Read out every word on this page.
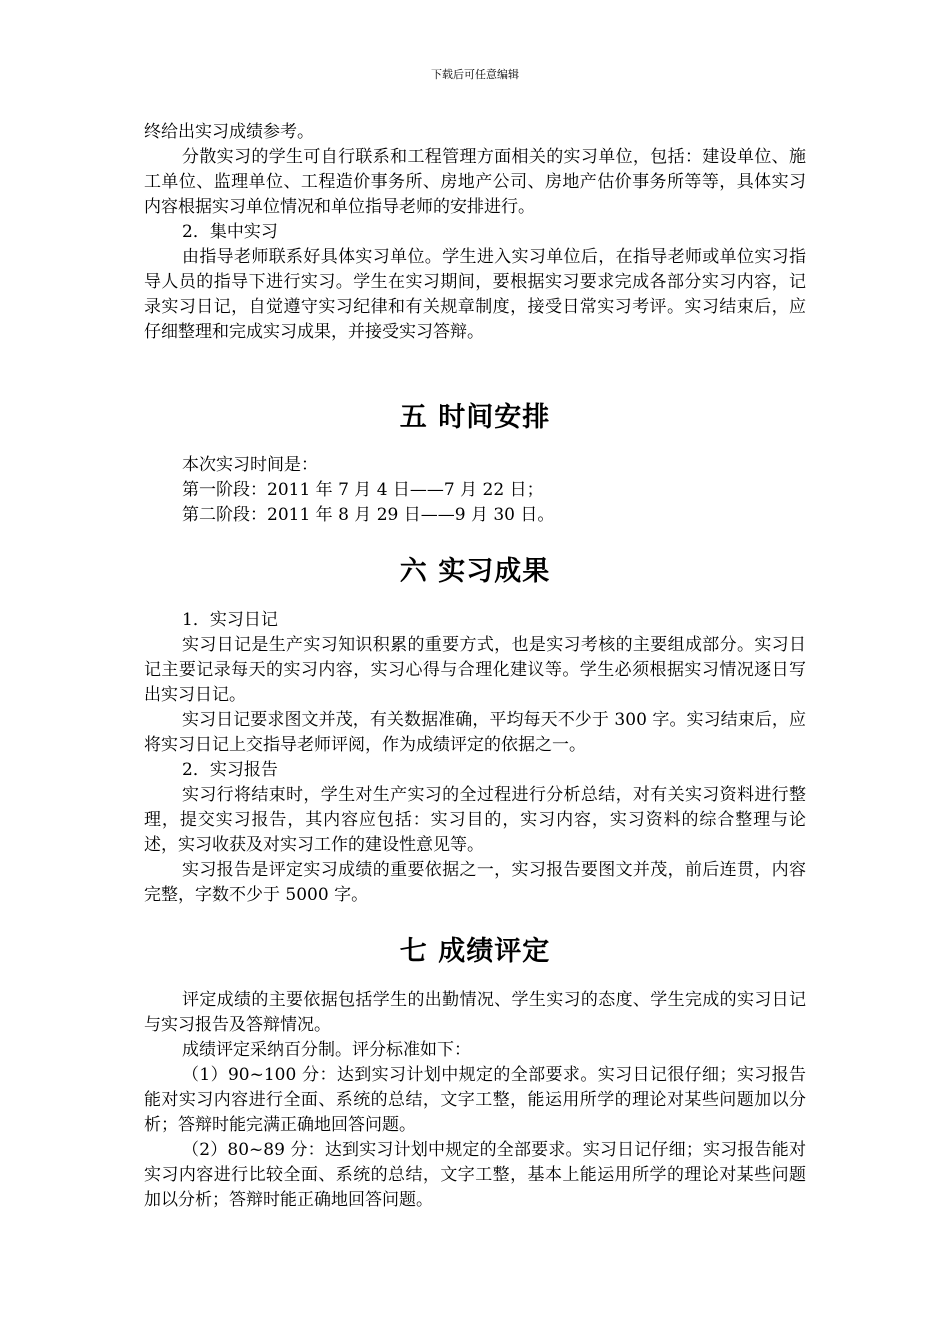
下载后可任意编辑

终给出实习成绩参考。

分散实习的学生可自行联系和工程管理方面相关的实习单位，包括：建设单位、施工单位、监理单位、工程造价事务所、房地产公司、房地产估价事务所等等，具体实习内容根据实习单位情况和单位指导老师的安排进行。

2．集中实习

由指导老师联系好具体实习单位。学生进入实习单位后，在指导老师或单位实习指导人员的指导下进行实习。学生在实习期间，要根据实习要求完成各部分实习内容，记录实习日记，自觉遵守实习纪律和有关规章制度，接受日常实习考评。实习结束后，应仔细整理和完成实习成果，并接受实习答辩。

五 时间安排

本次实习时间是：

第一阶段：2011 年 7 月 4 日——7 月 22 日；

第二阶段：2011 年 8 月 29 日——9 月 30 日。

六 实习成果

1．实习日记

实习日记是生产实习知识积累的重要方式，也是实习考核的主要组成部分。实习日记主要记录每天的实习内容，实习心得与合理化建议等。学生必须根据实习情况逐日写出实习日记。

实习日记要求图文并茂，有关数据准确，平均每天不少于 300 字。实习结束后，应将实习日记上交指导老师评阅，作为成绩评定的依据之一。

2．实习报告

实习行将结束时，学生对生产实习的全过程进行分析总结，对有关实习资料进行整理，提交实习报告，其内容应包括：实习目的，实习内容，实习资料的综合整理与论述，实习收获及对实习工作的建设性意见等。

实习报告是评定实习成绩的重要依据之一，实习报告要图文并茂，前后连贯，内容完整，字数不少于 5000 字。

七 成绩评定

评定成绩的主要依据包括学生的出勤情况、学生实习的态度、学生完成的实习日记与实习报告及答辩情况。

成绩评定采纳百分制。评分标准如下：

（1）90~100 分：达到实习计划中规定的全部要求。实习日记很仔细；实习报告能对实习内容进行全面、系统的总结，文字工整，能运用所学的理论对某些问题加以分析；答辩时能完满正确地回答问题。

（2）80~89 分：达到实习计划中规定的全部要求。实习日记仔细；实习报告能对实习内容进行比较全面、系统的总结，文字工整，基本上能运用所学的理论对某些问题加以分析；答辩时能正确地回答问题。
